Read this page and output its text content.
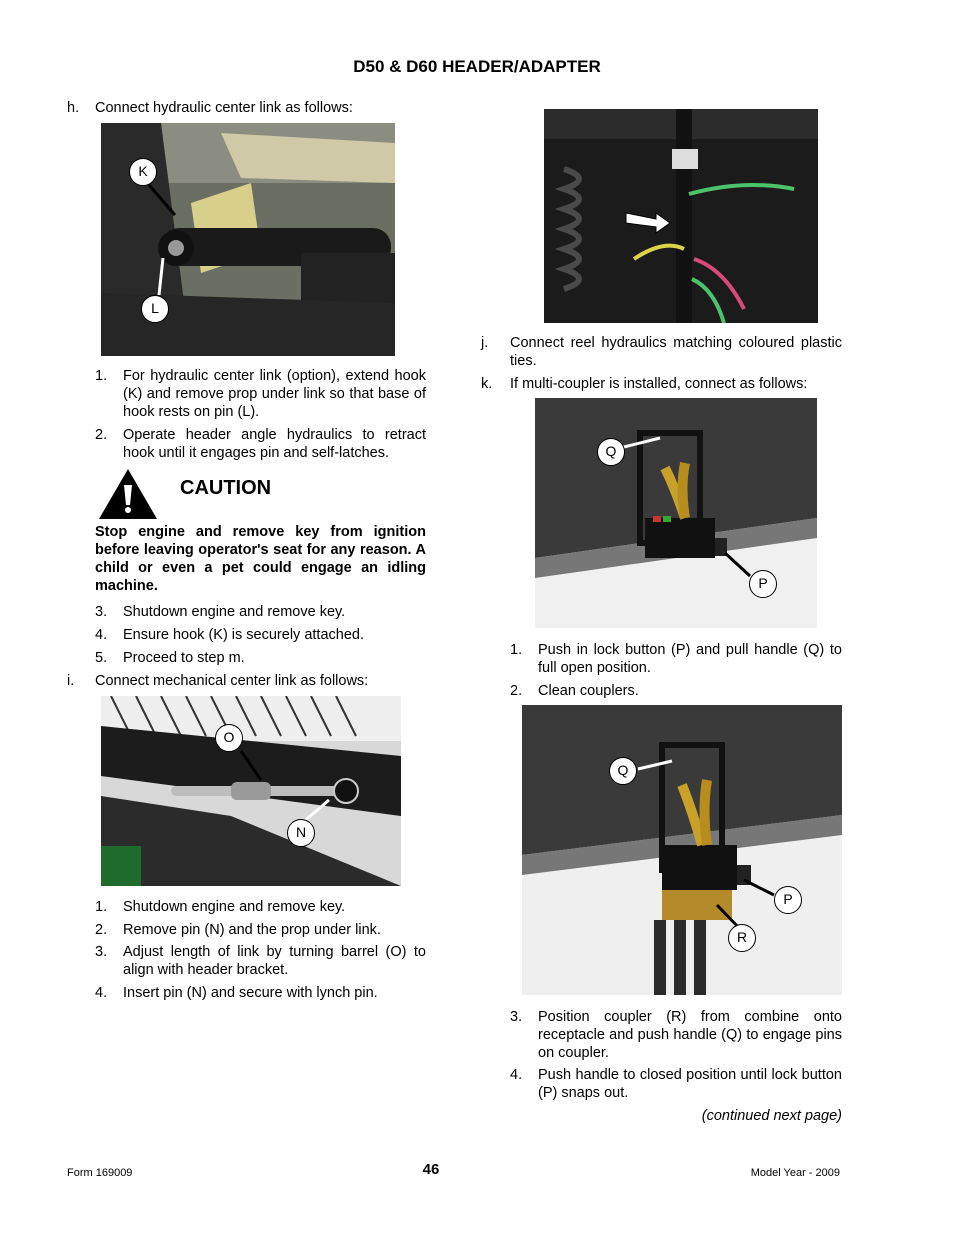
D50 & D60 HEADER/ADAPTER
h. Connect hydraulic center link as follows:
K
L
1. For hydraulic center link (option), extend hook (K) and remove prop under link so that base of hook rests on pin (L).
2. Operate header angle hydraulics to retract hook until it engages pin and self-latches.
CAUTION
Stop engine and remove key from ignition before leaving operator's seat for any reason. A child or even a pet could engage an idling machine.
3. Shutdown engine and remove key.
4. Ensure hook (K) is securely attached.
5. Proceed to step m.
i. Connect mechanical center link as follows:
O
N
1. Shutdown engine and remove key.
2. Remove pin (N) and the prop under link.
3. Adjust length of link by turning barrel (O) to align with header bracket.
4. Insert pin (N) and secure with lynch pin.
j. Connect reel hydraulics matching coloured plastic ties.
k. If multi-coupler is installed, connect as follows:
Q
P
1. Push in lock button (P) and pull handle (Q) to full open position.
2. Clean couplers.
Q
P
R
3. Position coupler (R) from combine onto receptacle and push handle (Q) to engage pins on coupler.
4. Push handle to closed position until lock button (P) snaps out.
(continued next page)
Form 169009	46	Model Year - 2009
